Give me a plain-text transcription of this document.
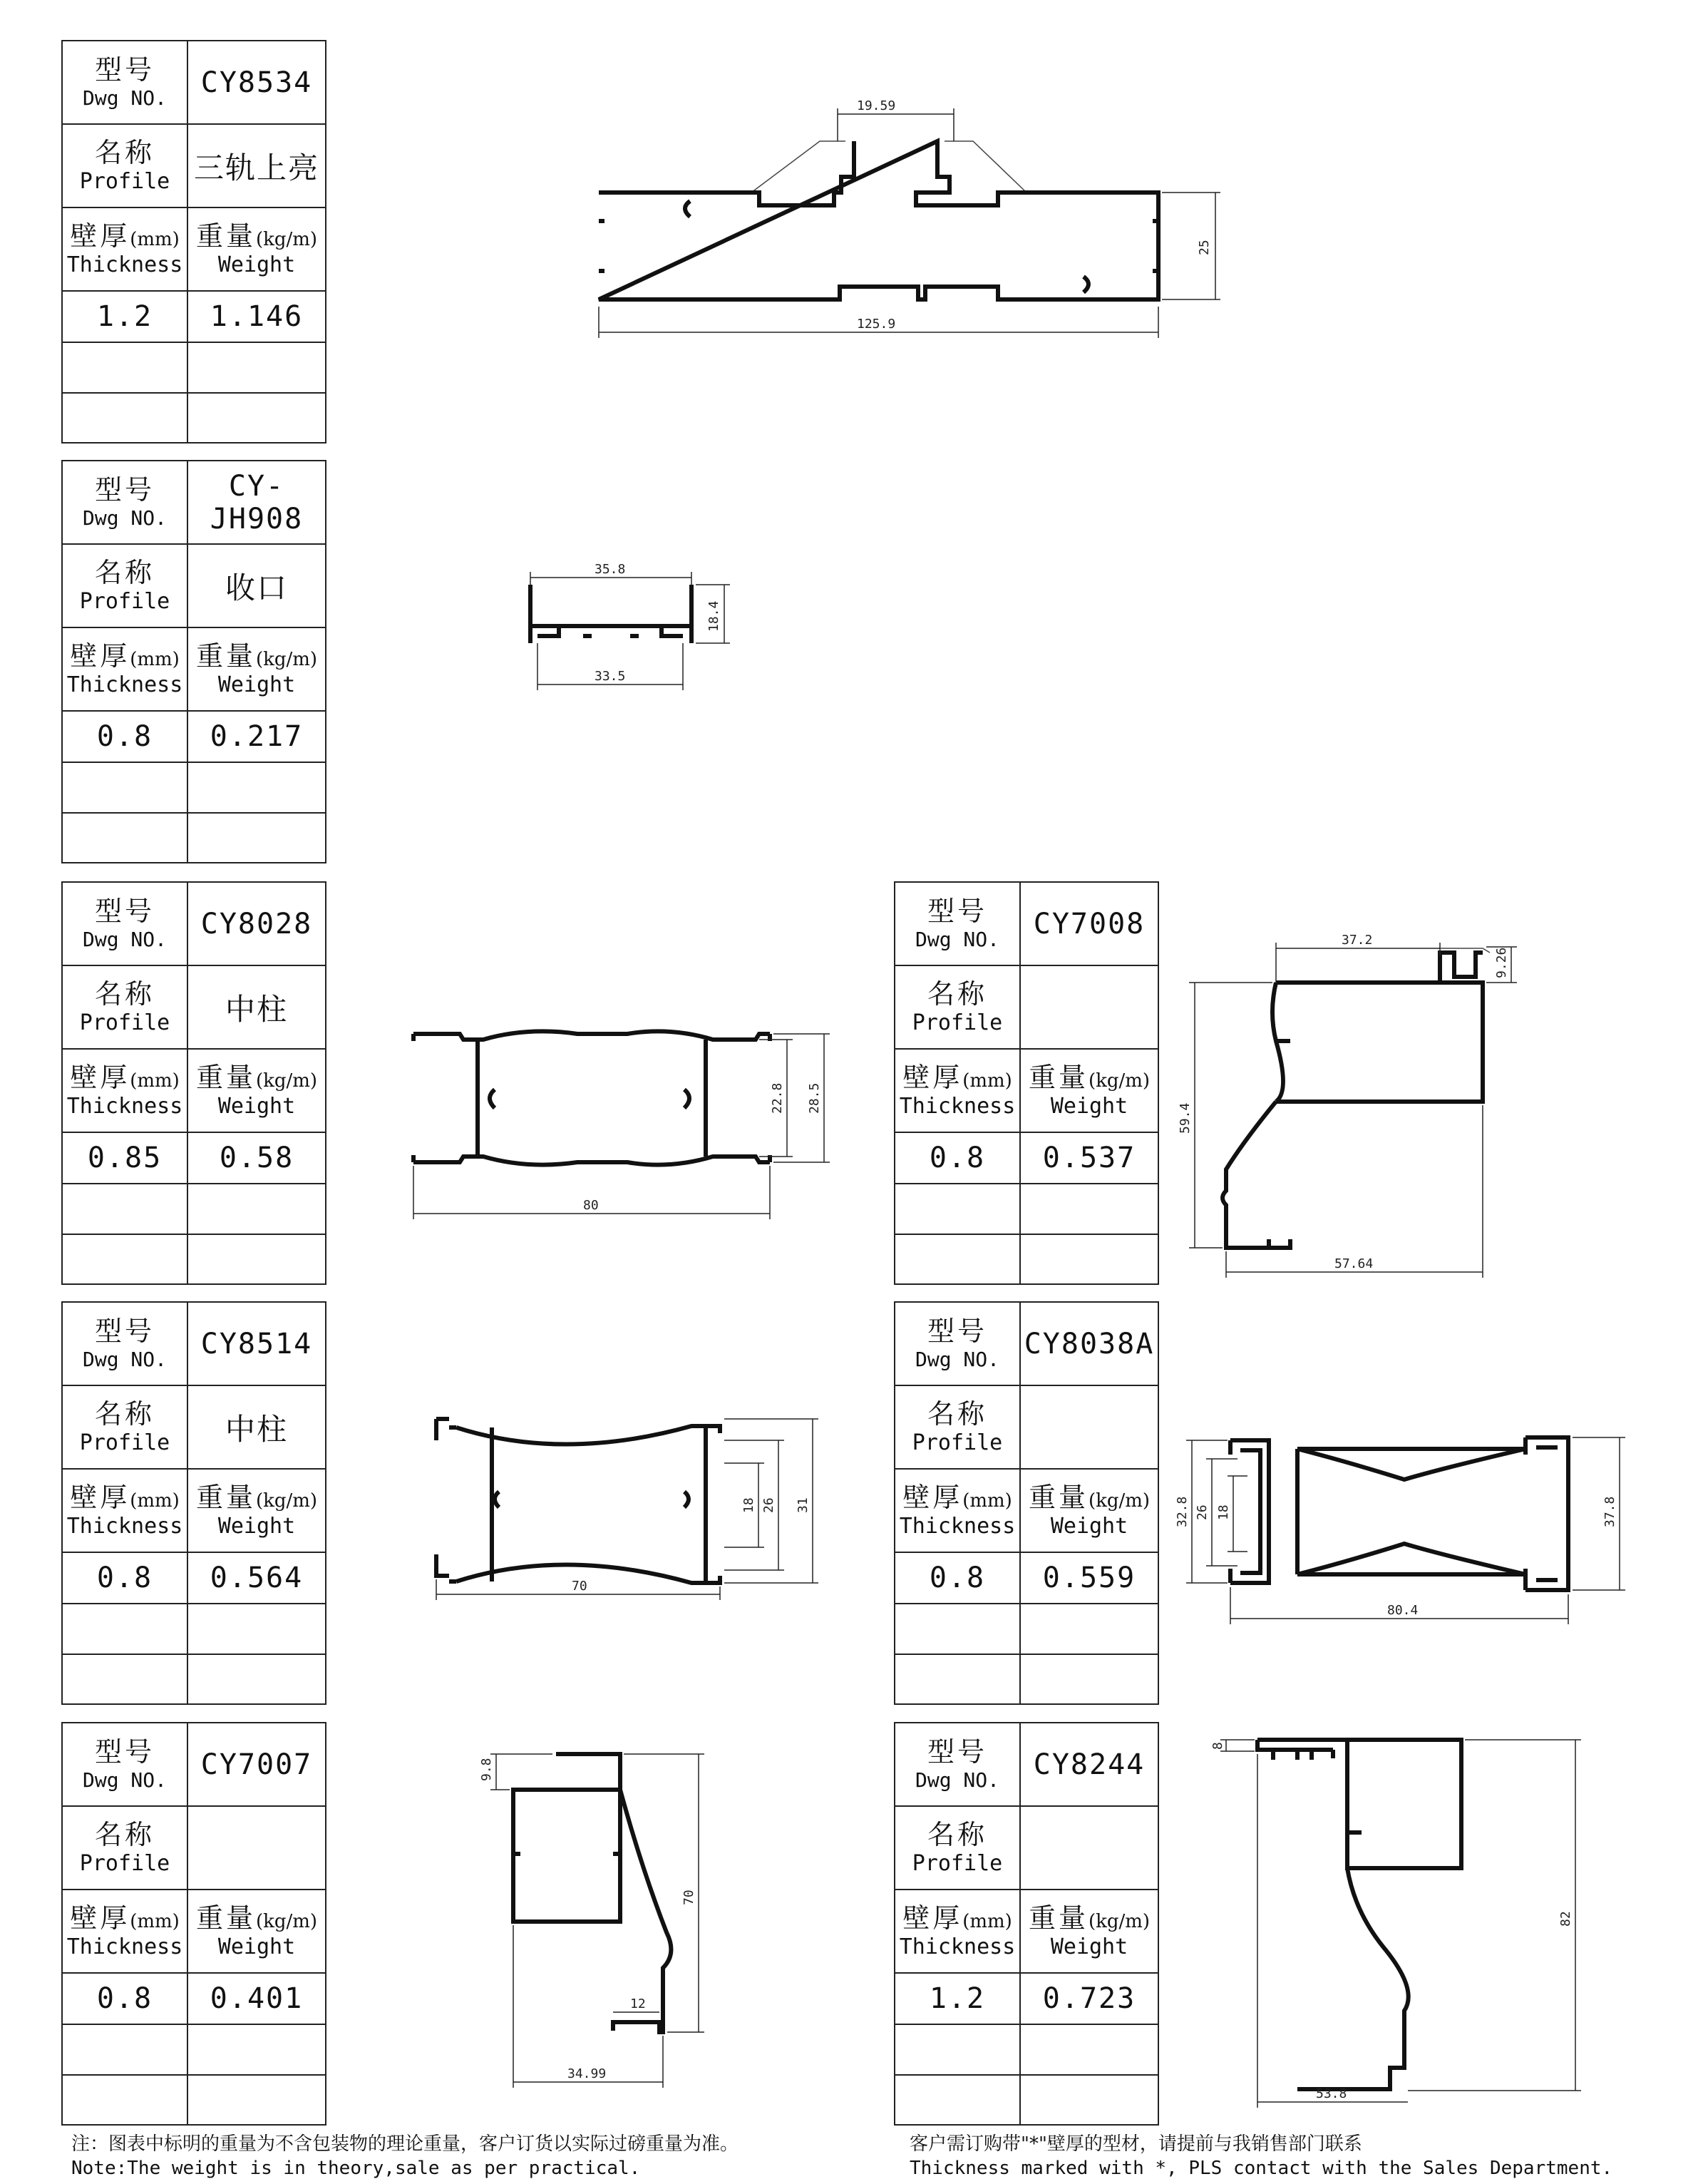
型号
Dwg NO. CY8534
名称
Profile 三轨上亮
壁厚 (mm)
Thickness
重量 (kg/m)
Weight
1.2 1.146
型号
Dwg NO.
CY-JH908
名称
Profile 收口
壁厚 (mm)
Thickness
重量 (kg/m)
Weight
0.8 0.217
型号
Dwg NO. CY8028
名称
Profile 中柱
壁厚 (mm)
Thickness
重量 (kg/m)
Weight
0.85 0.58
型号
Dwg NO. CY7008
名称
Profile
壁厚 (mm)
Thickness
重量 (kg/m)
Weight
0.8 0.537
型号
Dwg NO. CY8514
名称
Profile 中柱
壁厚 (mm)
Thickness
重量 (kg/m)
Weight
0.8 0.564
型号
Dwg NO. CY8038A
名称
Profile
壁厚 (mm)
Thickness
重量 (kg/m)
Weight
0.8 0.559
型号
Dwg NO. CY7007
名称
Profile
壁厚 (mm)
Thickness
重量 (kg/m)
Weight
0.8 0.401
型号
Dwg NO. CY8244
名称
Profile
壁厚 (mm)
Thickness
重量 (kg/m)
Weight
1.2 0.723
19.59
25
125.9
35.8
18.4
33.5
22.8 28.5
80
37.2
9.26
59.4
57.64
18 26 31
70
32.8 26 18	37.8
80.4
9.8
70
12
34.99
8
82
53.8
注：图表中标明的重量为不含包装物的理论重量，客户订货以实际过磅重量为准。
Note:The weight is in theory,sale as per practical.
客户需订购带"*"壁厚的型材，请提前与我销售部门联系
Thickness marked with *, PLS contact with the Sales Department.
